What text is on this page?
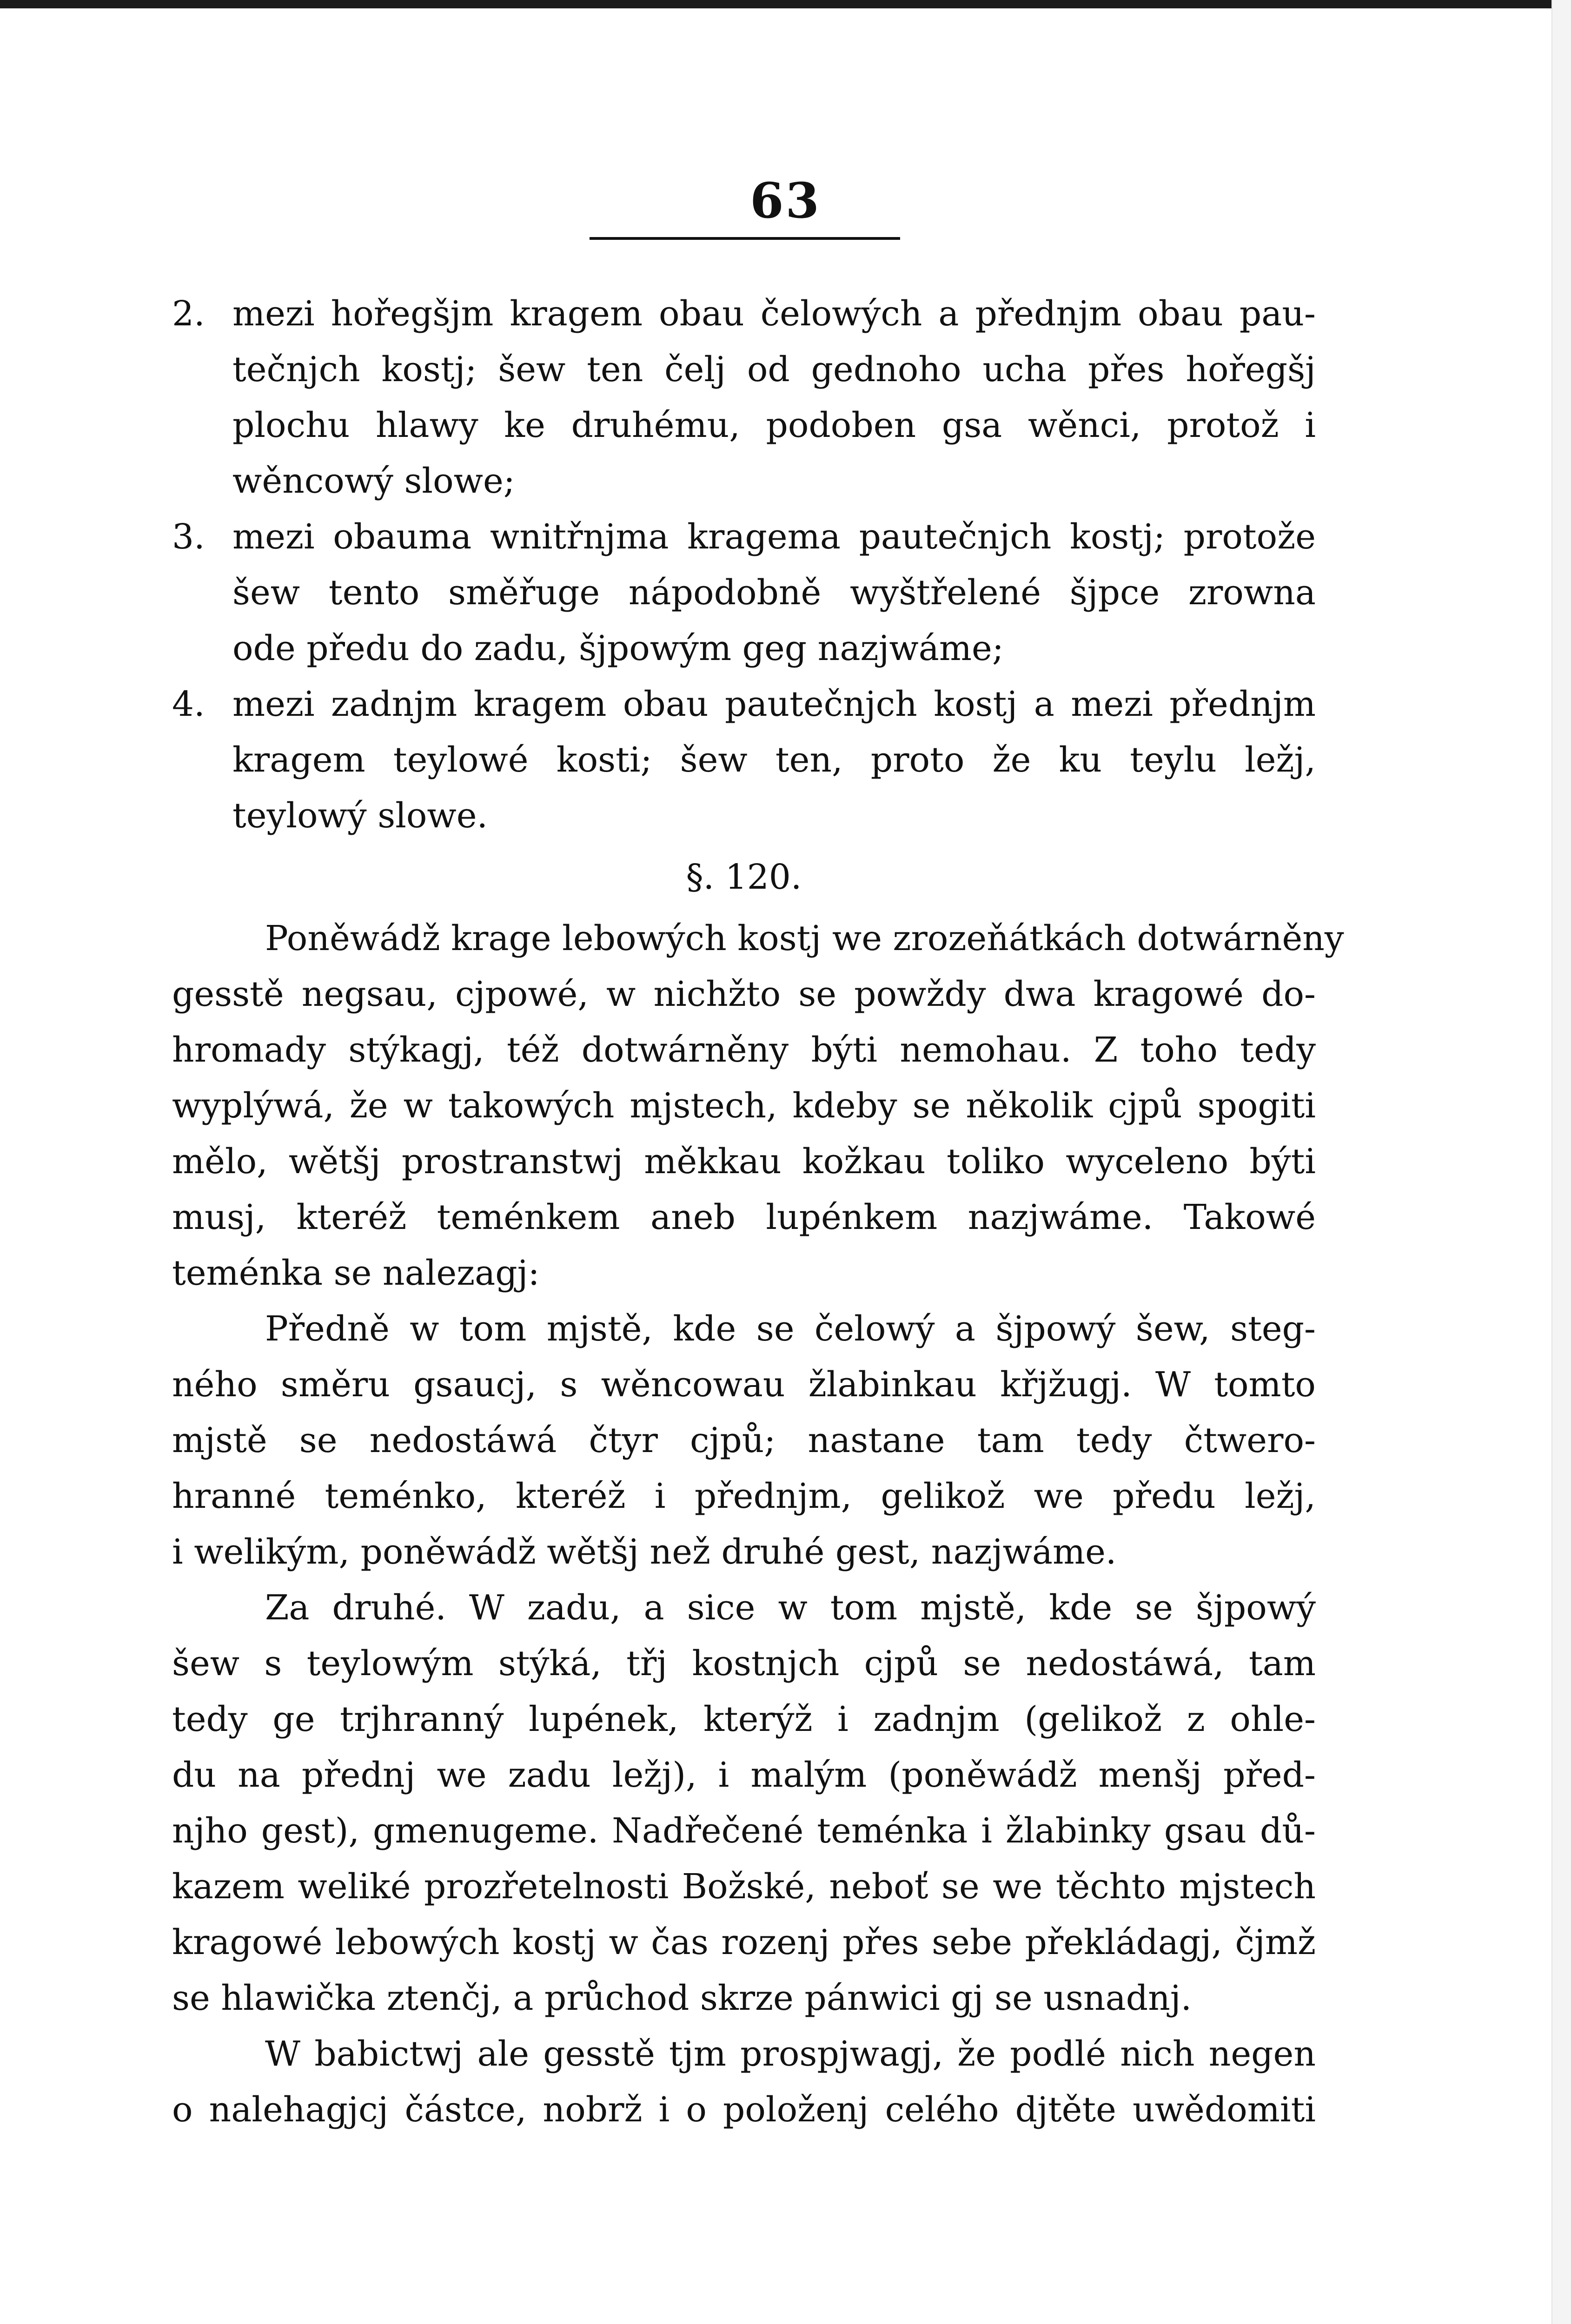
63
2. mezi hořegšjm kragem obau čelowých a přednjm obau pau-
tečnjch kostj; šew ten čelj od gednoho ucha přes hořegšj
plochu hlawy ke druhému, podoben gsa wěnci, protož i
wěncowý slowe;
3. mezi obauma wnitřnjma kragema pautečnjch kostj; protože
šew tento směřuge nápodobně wyštřelené šjpce zrowna
ode předu do zadu, šjpowým geg nazjwáme;
4. mezi zadnjm kragem obau pautečnjch kostj a mezi přednjm
kragem teylowé kosti; šew ten, proto že ku teylu ležj,
teylowý slowe.
§. 120.
Poněwádž krage lebowých kostj we zrozeňátkách dotwárněny
gesstě negsau, cjpowé, w nichžto se powždy dwa kragowé do-
hromady stýkagj, též dotwárněny býti nemohau. Z toho tedy
wyplýwá, že w takowých mjstech, kdeby se několik cjpů spogiti
mělo, wětšj prostranstwj měkkau kožkau toliko wyceleno býti
musj, kteréž teménkem aneb lupénkem nazjwáme. Takowé
teménka se nalezagj:
Předně w tom mjstě, kde se čelowý a šjpowý šew, steg-
ného směru gsaucj, s wěncowau žlabinkau křjžugj. W tomto
mjstě se nedostáwá čtyr cjpů; nastane tam tedy čtwero-
hranné teménko, kteréž i přednjm, gelikož we předu ležj,
i welikým, poněwádž wětšj než druhé gest, nazjwáme.
Za druhé. W zadu, a sice w tom mjstě, kde se šjpowý
šew s teylowým stýká, třj kostnjch cjpů se nedostáwá, tam
tedy ge trjhranný lupének, kterýž i zadnjm (gelikož z ohle-
du na přednj we zadu ležj), i malým (poněwádž menšj před-
njho gest), gmenugeme. Nadřečené teménka i žlabinky gsau dů-
kazem weliké prozřetelnosti Božské, neboť se we těchto mjstech
kragowé lebowých kostj w čas rozenj přes sebe překládagj, čjmž
se hlawička ztenčj, a průchod skrze pánwici gj se usnadnj.
W babictwj ale gesstě tjm prospjwagj, že podlé nich negen
o nalehagjcj částce, nobrž i o položenj celého djtěte uwědomiti
